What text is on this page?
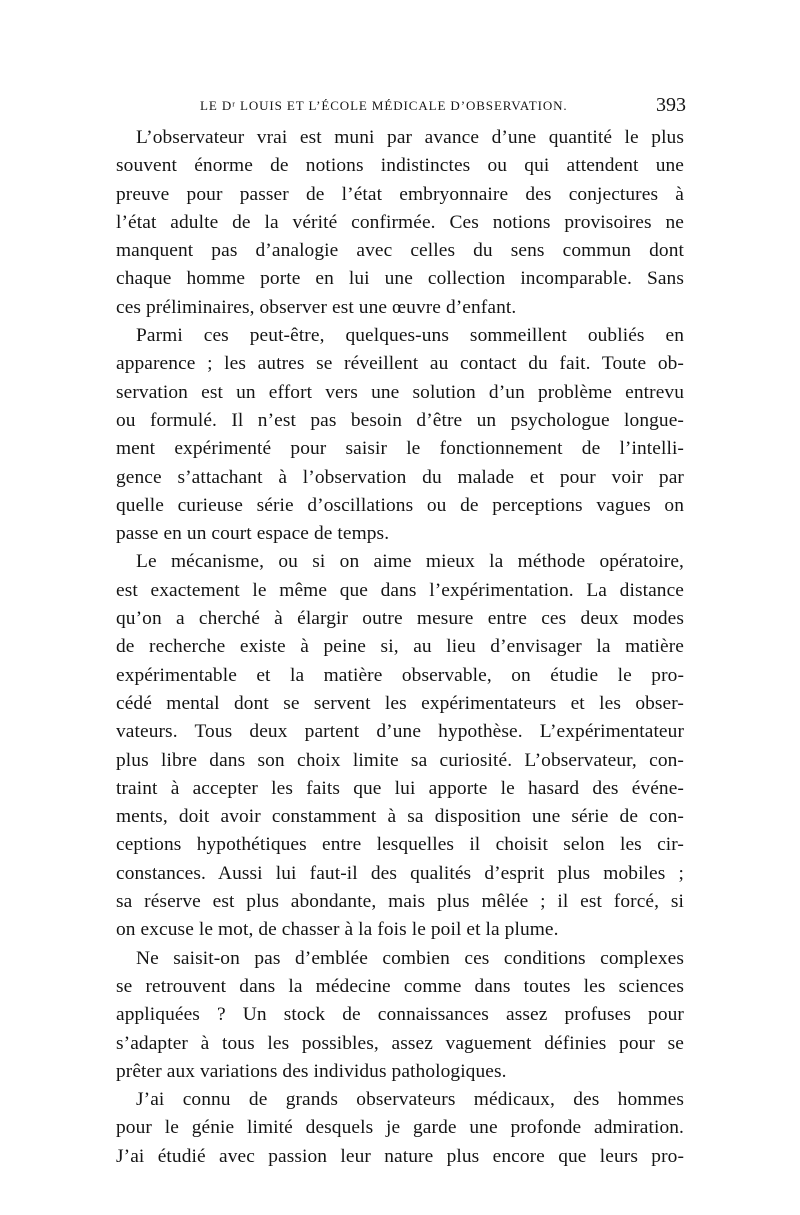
LE Dʳ LOUIS ET L’ÉCOLE MÉDICALE D’OBSERVATION.	393

L’observateur vrai est muni par avance d’une quantité le plus
souvent énorme de notions indistinctes ou qui attendent une
preuve pour passer de l’état embryonnaire des conjectures à
l’état adulte de la vérité confirmée. Ces notions provisoires ne
manquent pas d’analogie avec celles du sens commun dont
chaque homme porte en lui une collection incomparable. Sans
ces préliminaires, observer est une œuvre d’enfant.

Parmi ces peut-être, quelques-uns sommeillent oubliés en
apparence ; les autres se réveillent au contact du fait. Toute ob-
servation est un effort vers une solution d’un problème entrevu
ou formulé. Il n’est pas besoin d’être un psychologue longue-
ment expérimenté pour saisir le fonctionnement de l’intelli-
gence s’attachant à l’observation du malade et pour voir par
quelle curieuse série d’oscillations ou de perceptions vagues on
passe en un court espace de temps.

Le mécanisme, ou si on aime mieux la méthode opératoire,
est exactement le même que dans l’expérimentation. La distance
qu’on a cherché à élargir outre mesure entre ces deux modes
de recherche existe à peine si, au lieu d’envisager la matière
expérimentable et la matière observable, on étudie le pro-
cédé mental dont se servent les expérimentateurs et les obser-
vateurs. Tous deux partent d’une hypothèse. L’expérimentateur
plus libre dans son choix limite sa curiosité. L’observateur, con-
traint à accepter les faits que lui apporte le hasard des événe-
ments, doit avoir constamment à sa disposition une série de con-
ceptions hypothétiques entre lesquelles il choisit selon les cir-
constances. Aussi lui faut-il des qualités d’esprit plus mobiles ;
sa réserve est plus abondante, mais plus mêlée ; il est forcé, si
on excuse le mot, de chasser à la fois le poil et la plume.

Ne saisit-on pas d’emblée combien ces conditions complexes
se retrouvent dans la médecine comme dans toutes les sciences
appliquées ? Un stock de connaissances assez profuses pour
s’adapter à tous les possibles, assez vaguement définies pour se
prêter aux variations des individus pathologiques.

J’ai connu de grands observateurs médicaux, des hommes
pour le génie limité desquels je garde une profonde admiration.
J’ai étudié avec passion leur nature plus encore que leurs pro-
